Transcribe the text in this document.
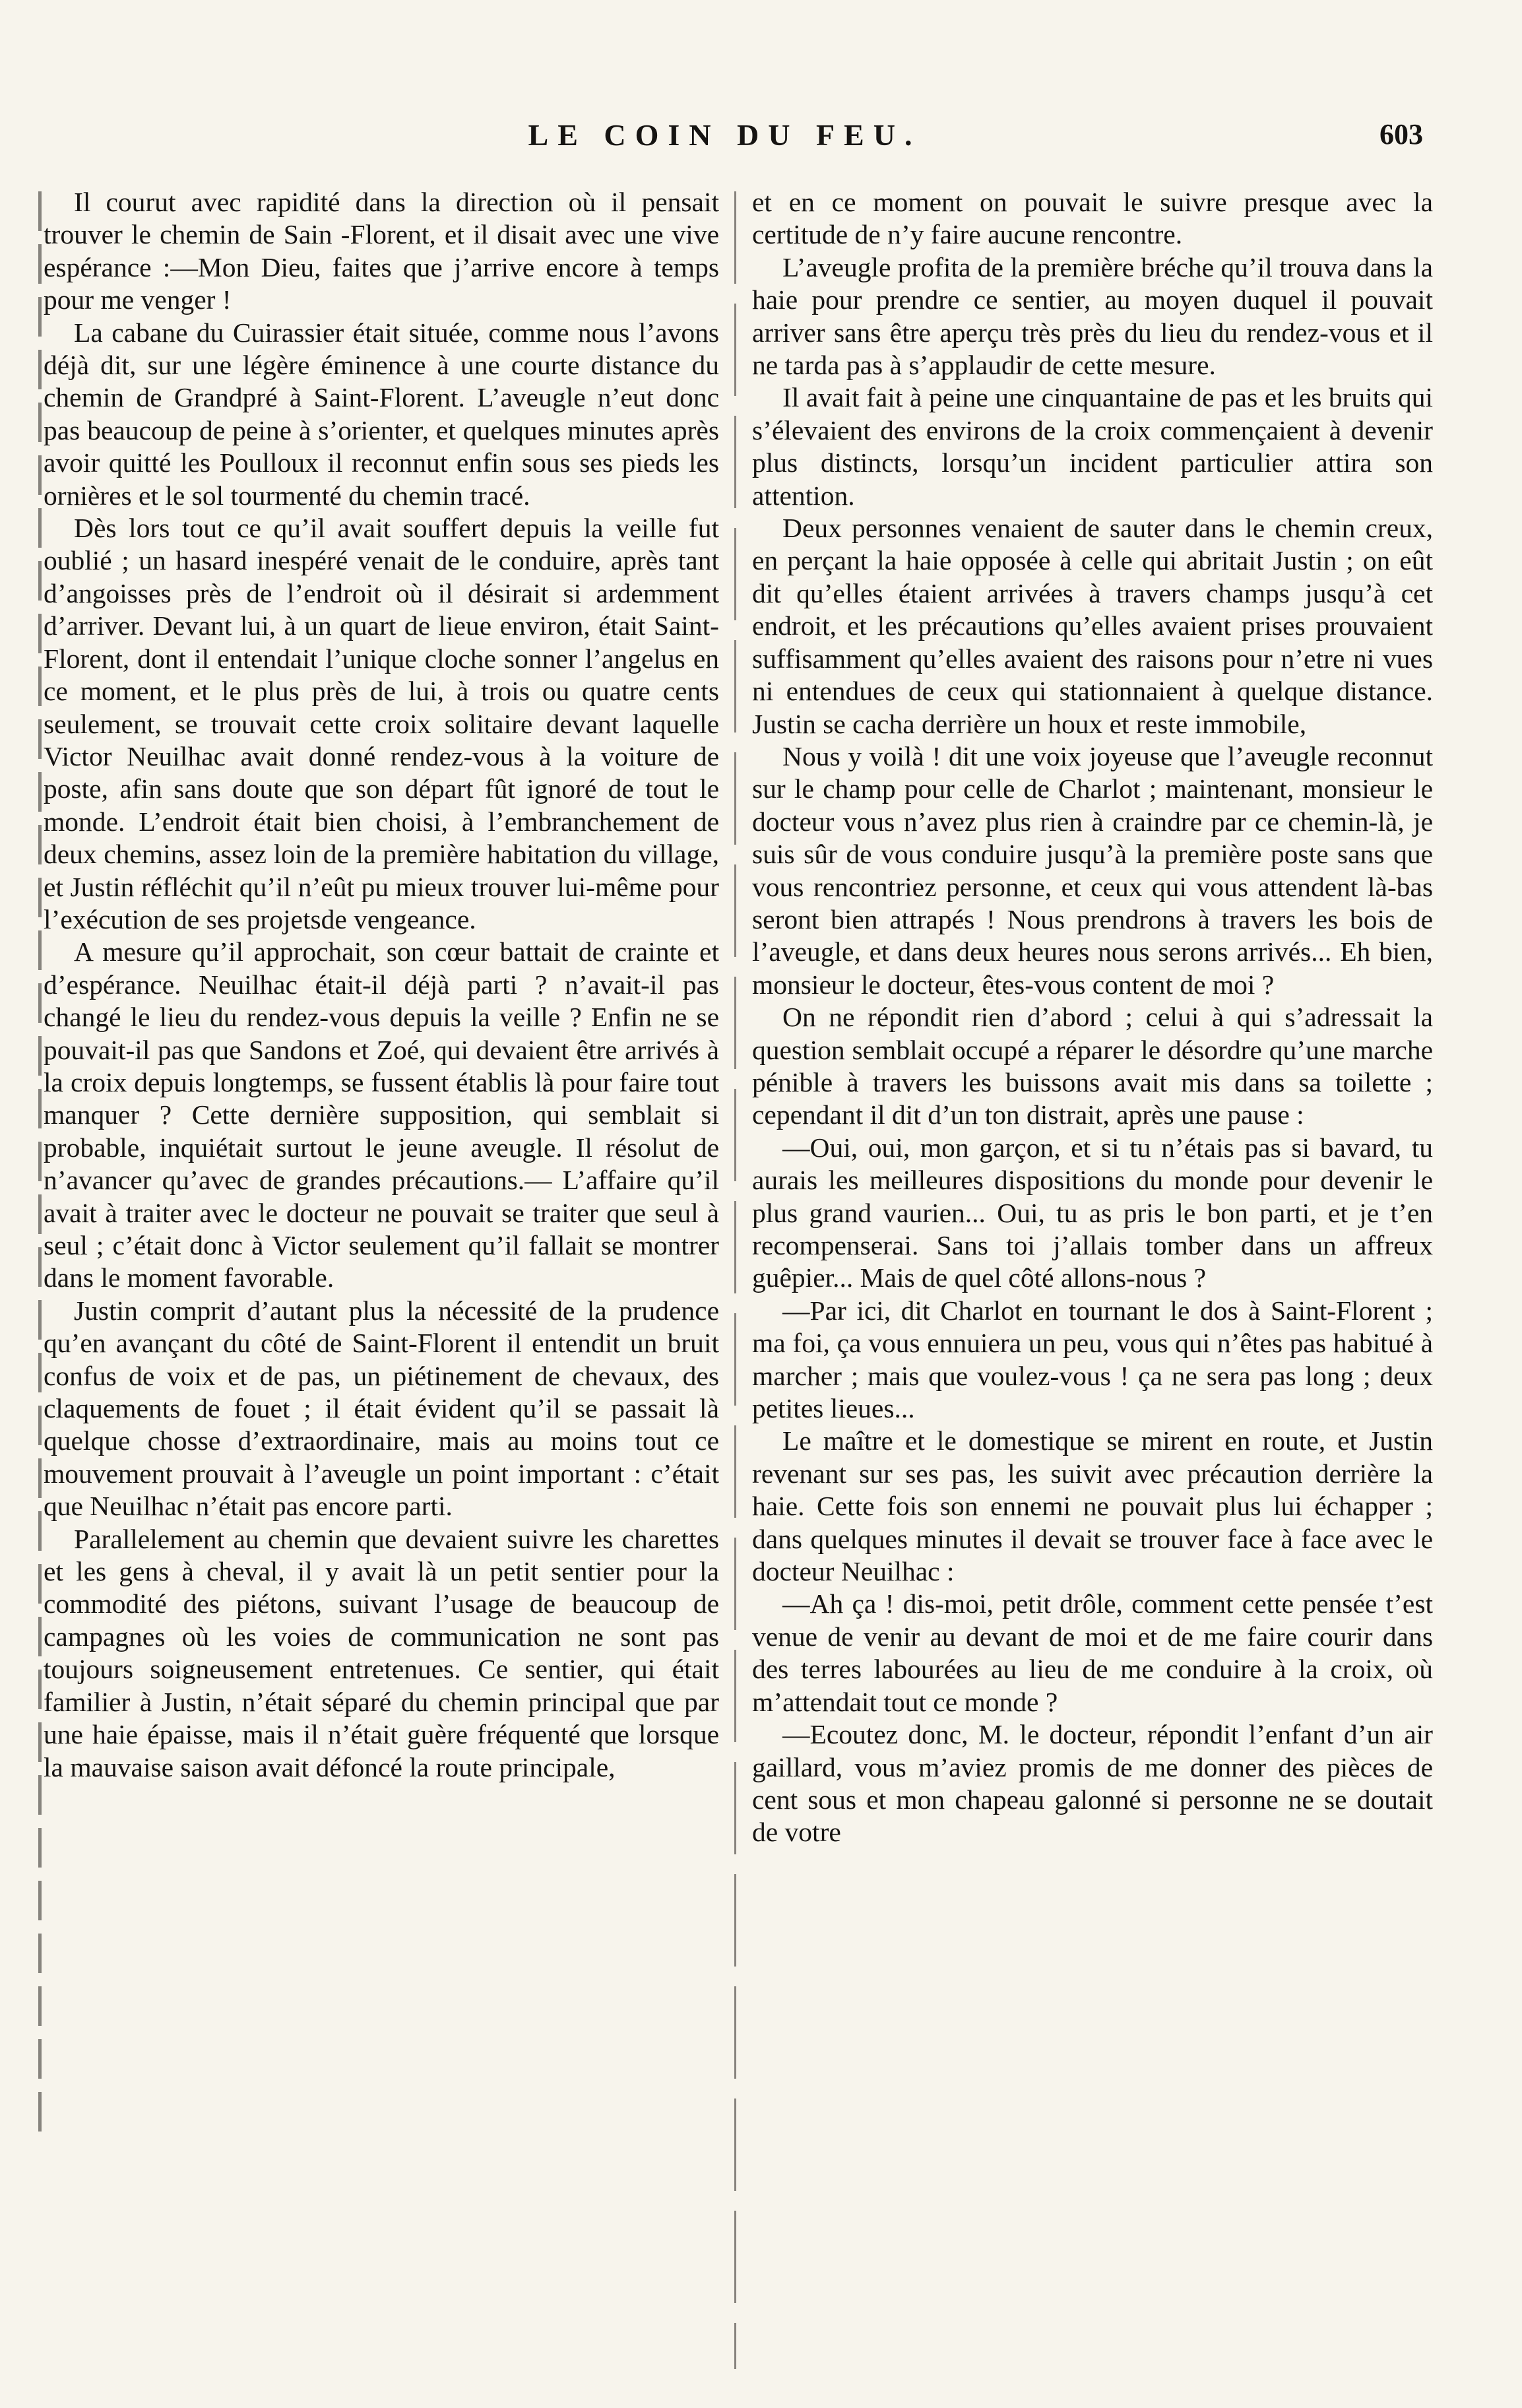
LE COIN DU FEU.	603

Il courut avec rapidité dans la direction où il pensait trouver le chemin de Sain -Florent, et il disait avec une vive espérance :—Mon Dieu, faites que j’arrive encore à temps pour me venger !

La cabane du Cuirassier était située, comme nous l’avons déjà dit, sur une légère éminence à une courte distance du chemin de Grandpré à Saint-Florent. L’aveugle n’eut donc pas beaucoup de peine à s’orienter, et quelques minutes après avoir quitté les Poulloux il reconnut enfin sous ses pieds les ornières et le sol tourmenté du chemin tracé.

Dès lors tout ce qu’il avait souffert depuis la veille fut oublié ; un hasard inespéré venait de le conduire, après tant d’angoisses près de l’endroit où il désirait si ardemment d’arriver. Devant lui, à un quart de lieue environ, était Saint-Florent, dont il entendait l’unique cloche sonner l’angelus en ce moment, et le plus près de lui, à trois ou quatre cents seulement, se trouvait cette croix solitaire devant laquelle Victor Neuilhac avait donné rendez-vous à la voiture de poste, afin sans doute que son départ fût ignoré de tout le monde. L’endroit était bien choisi, à l’embranchement de deux chemins, assez loin de la première habitation du village, et Justin réfléchit qu’il n’eût pu mieux trouver lui-même pour l’exécution de ses projetsde vengeance.

A mesure qu’il approchait, son cœur battait de crainte et d’espérance. Neuilhac était-il déjà parti ? n’avait-il pas changé le lieu du rendez-vous depuis la veille ? Enfin ne se pouvait-il pas que Sandons et Zoé, qui devaient être arrivés à la croix depuis longtemps, se fussent établis là pour faire tout manquer ? Cette dernière supposition, qui semblait si probable, inquiétait surtout le jeune aveugle. Il résolut de n’avancer qu’avec de grandes précautions.— L’affaire qu’il avait à traiter avec le docteur ne pouvait se traiter que seul à seul ; c’était donc à Victor seulement qu’il fallait se montrer dans le moment favorable.

Justin comprit d’autant plus la nécessité de la prudence qu’en avançant du côté de Saint-Florent il entendit un bruit confus de voix et de pas, un piétinement de chevaux, des claquements de fouet ; il était évident qu’il se passait là quelque chosse d’extraordinaire, mais au moins tout ce mouvement prouvait à l’aveugle un point important : c’était que Neuilhac n’était pas encore parti.

Parallelement au chemin que devaient suivre les charettes et les gens à cheval, il y avait là un petit sentier pour la commodité des piétons, suivant l’usage de beaucoup de campagnes où les voies de communication ne sont pas toujours soigneusement entretenues. Ce sentier, qui était familier à Justin, n’était séparé du chemin principal que par une haie épaisse, mais il n’était guère fréquenté que lorsque la mauvaise saison avait défoncé la route principale,

et en ce moment on pouvait le suivre presque avec la certitude de n’y faire aucune rencontre.

L’aveugle profita de la première bréche qu’il trouva dans la haie pour prendre ce sentier, au moyen duquel il pouvait arriver sans être aperçu très près du lieu du rendez-vous et il ne tarda pas à s’applaudir de cette mesure.

Il avait fait à peine une cinquantaine de pas et les bruits qui s’élevaient des environs de la croix commençaient à devenir plus distincts, lorsqu’un incident particulier attira son attention.

Deux personnes venaient de sauter dans le chemin creux, en perçant la haie opposée à celle qui abritait Justin ; on eût dit qu’elles étaient arrivées à travers champs jusqu’à cet endroit, et les précautions qu’elles avaient prises prouvaient suffisamment qu’elles avaient des raisons pour n’etre ni vues ni entendues de ceux qui stationnaient à quelque distance. Justin se cacha derrière un houx et reste immobile,

Nous y voilà ! dit une voix joyeuse que l’aveugle reconnut sur le champ pour celle de Charlot ; maintenant, monsieur le docteur vous n’avez plus rien à craindre par ce chemin-là, je suis sûr de vous conduire jusqu’à la première poste sans que vous rencontriez personne, et ceux qui vous attendent là-bas seront bien attrapés ! Nous prendrons à travers les bois de l’aveugle, et dans deux heures nous serons arrivés... Eh bien, monsieur le docteur, êtes-vous content de moi ?

On ne répondit rien d’abord ; celui à qui s’adressait la question semblait occupé a réparer le désordre qu’une marche pénible à travers les buissons avait mis dans sa toilette ; cependant il dit d’un ton distrait, après une pause :

—Oui, oui, mon garçon, et si tu n’étais pas si bavard, tu aurais les meilleures dispositions du monde pour devenir le plus grand vaurien... Oui, tu as pris le bon parti, et je t’en recompenserai. Sans toi j’allais tomber dans un affreux guêpier... Mais de quel côté allons-nous ?

—Par ici, dit Charlot en tournant le dos à Saint-Florent ; ma foi, ça vous ennuiera un peu, vous qui n’êtes pas habitué à marcher ; mais que voulez-vous ! ça ne sera pas long ; deux petites lieues...

Le maître et le domestique se mirent en route, et Justin revenant sur ses pas, les suivit avec précaution derrière la haie. Cette fois son ennemi ne pouvait plus lui échapper ; dans quelques minutes il devait se trouver face à face avec le docteur Neuilhac :

—Ah ça ! dis-moi, petit drôle, comment cette pensée t’est venue de venir au devant de moi et de me faire courir dans des terres labourées au lieu de me conduire à la croix, où m’attendait tout ce monde ?

—Ecoutez donc, M. le docteur, répondit l’enfant d’un air gaillard, vous m’aviez promis de me donner des pièces de cent sous et mon chapeau galonné si personne ne se doutait de votre
